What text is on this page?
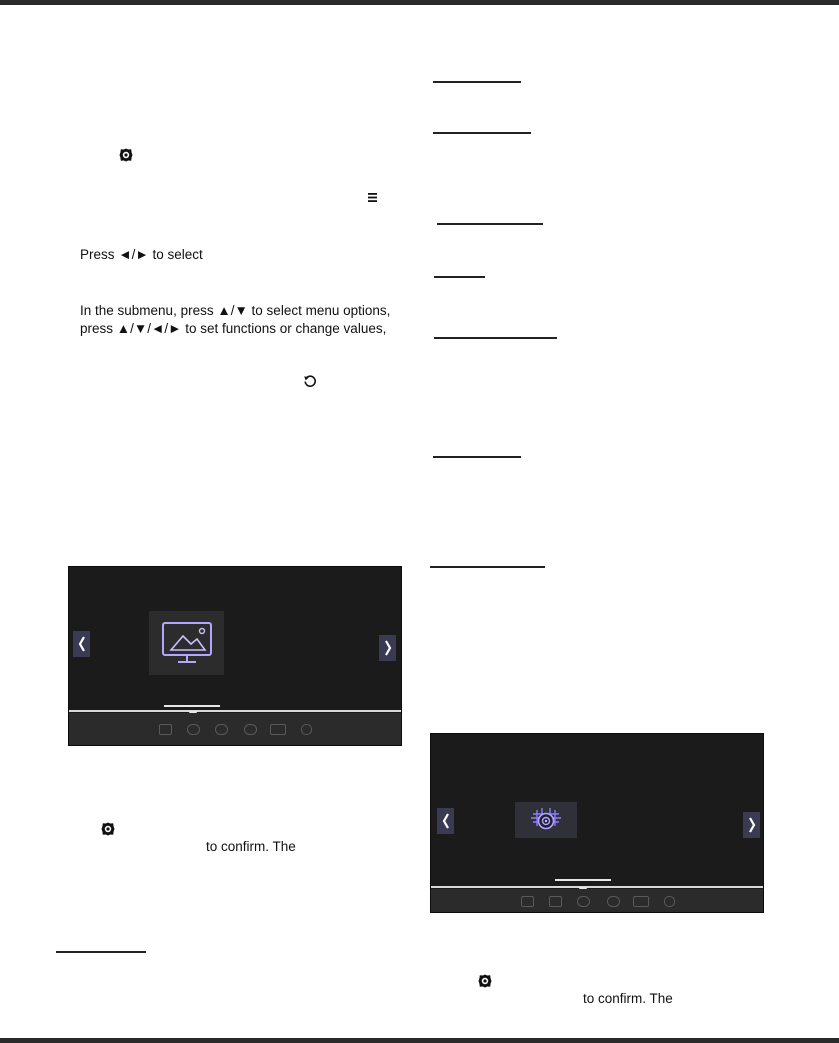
Press ◄/► to select
In the submenu, press ▲/▼ to select menu options,
press ▲/▼/◄/► to set functions or change values,
to confirm. The
to confirm. The
